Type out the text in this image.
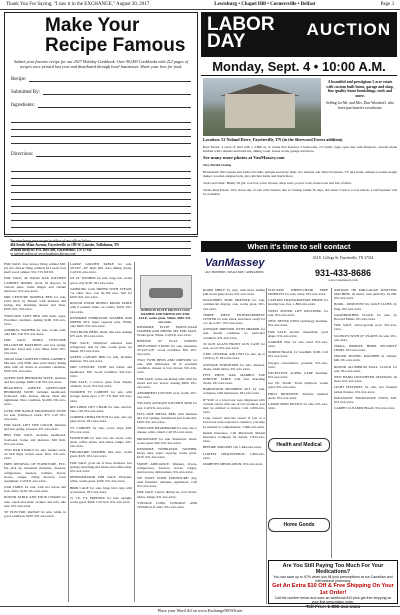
Thank You For Saying, "I saw it in the EXCHANGE," August 30, 2017	Lewisburg • Chapel Hill • Cornersville • Belfast	Page 3
Make Your
Recipe Famous
Submit your favorite recipe for our 2017 Holiday Cookbook. Over 90,000 Cookbooks with 212 pages of recipes were printed last year and distributed through local businesses. Share your love for food.
Recipe:
Submitted By:
Ingredients:
Directions:
You may bring your recipe to either of our offices below:
404 South Main Avenue, Fayetteville or 109 W. Lincoln, Tullahoma, TN
or mail them to: P.O. Box 490, Fayetteville, TN 37334
or submit online at www.boubarts.kprsss.com

FOR SALE, four drawer filing cabinet $30; (2) two drawer filing cabinets $15 each; four shelf wood cabinet. 931-733-XXXX

FOR SALE, 46 SOLID OAK KITCHEN CABINET DOORS, about 18 drawers, in various sizes. Some hinges and cabinet hardware. 931-xxx-xxxx.

MID CENTURY DOUBLE BED for sale, solid birch by Bassett with mattress and spring, also matching dresser and chest. $250. 931-759-xxxx.

TWIN-SIZE LOFT BED with desk, steps. Excellent condition. Asking $100. 931-xxx-xxxx.

ADMIRAL WASHER for sale, works well, only $40. Call 931-xxx-xxxx.

FOR SALE, SERTA TWIN-SIZE PILLOWTOP MATTRESS and box spring, like new. Used only a few times. $100. 931-xxx-xxxx.

SOLID OAK LIGHTED CHINA CABINET, like new, only $500. Also solid cherry dining table with six chairs in excellent condition, $550. 931-xxx-xxxx.

QUEEN-SIZE BEDROOM SUITE, mattress and box springs, $200. Call 931-xxx-xxxx.

BEAUTIFUL ASHLEY QUEEN-SIZE BEDROOM SUITE, includes headboard, footboard, rails, dresser, mirror, chest and nightstand. New condition. $1,000. 931-xxx-xxxx.

OVER THE RANGE MICROWAVE OVEN for sale, Whirlpool, black. $75. Call 931-xxx-xxxx.

FOR SALE, LIFT SIZE COUCH, mattress and box spring, loveseat. 931-xxx-xxxx.

BED FOR SALE, includes headboard, footboard, frame and mattress. $50 firm. 931-xxx-xxxx.

TWO BAR STOOLS for sale, leather seats, 24 inch high, swivel seats. Nice. 931-xxx-xxxx.

FREE RENOVAL OF FURNITURE, ETC. We pick up unwanted furniture, dressers, refrigerators, freezers, washers, dryers, stoves, ranges, riding mowers, lawn equipment. Call 931-xxx-xxxx.

OAK TABLE for sale, with two leaves and four chairs. $150. 931-xxx-xxxx.

ROUND TABLE AND FOUR CHAIRS for sale, couch and chair, recliner and sofa, like new. 931-xxx-xxxx.

36" ELECTRIC RANGE for sale, white, in good condition. $100. 931-xxx-xxxx.

LARGE GOLDEN TABLE for sale, 30"x50", 28" high, $65. Also dining chairs. Call 931-xxx-xxxx.

GE 24" WASHER for sale, large tub, works good, only $100. 931-xxx-xxxx.

SAMSUNG GAS DRYER WITH STEAM, 7.4 cubic feet, cost $1,100 new. Sell for $450. 931-xxx-xxxx.

ROUND WOOD DINING ROOM TABLE with 6 padded chairs on rollers. $100. 931-xxx-xxxx.

KENMORE WHIRLPOOL WASHER AND DRYER SET, super capacity plus. White, only $200. 931-xxx-xxxx.

TWO BUNK BEDS, metal, like new. Asking $75 each. 931-xxx-xxxx.

FOR SALE, Whirlpool stainless steel refrigerator, side by side, works great, ice maker. 931-xxx-xxxx.

QUEEN CANOPY BED for sale, includes mattress. 931-xxx-xxxx.

MID CENTURY TWIN bed frame and headboard. $50. Good condition. 931-xxx-xxxx.

FOR SALE, 2 narrow glass front display cabinets, wood. 931-xxx-xxxx.

WOODEN TV CABINET for sale, with storage, holds up to a 37" TV. $40. 931-xxx-xxxx.

RECLINER LIFT CHAIR for sale, electric, blue. Call 931-xxx-xxxx.

CORNER CHINA HUTCH for sale, oak, top glass doors. 931-xxx-xxxx.

TV CABINET for sale, wood, large. $50. 931-xxx-xxxx.

FURNITURE for sale: two bar stools, sofa, chair, coffee tables, end tables, lamps. 931-xxx-xxxx.

FRIGIDAIRE WASHER, like new, works great. $225. 931-xxx-xxxx.

FOR SALE, good set of tires, mattress, box springs, matching end tables and coffee table. 931-xxx-xxxx.

REFRIGERATOR FOR SALE, Hotpoint, white, works great. $100. 931-xxx-xxxx.

BIRD CAGE for sale, large bird cage with accessories. 931-xxx-xxxx.

21 CU. FT. FREEZER for sale, upright, works good. $200. Call Jack. 931-xxx-xxxx.

JOHNSON ELITE FRONT-LOAD WASHER AND DRYER SET FOR SALE, works great. White, $500. 931-xxx-xxxx.

KENMORE ELITE FRONT-LOAD WASHER AND DRYER SET FOR SALE, Works great. White. Call 931-xxx-xxxx.

HISENSE 32" FLAT SCREEN TELEVISION STAND for sale, measures 45"x22"x18". Good condition. $50. 931-xxx-xxxx.

TWO TWIN BEDS AND DRESSER for sale, with mattresses, all in excellent condition, dresser is four drawer. 931-xxx-xxxx.

FOR SALE, solid oak dining table with six chairs and two leaves. Asking $600. 931-xxx-xxxx.

ABSORBENT COTTON wrap cloths. 931-xxx-xxxx.

YELLOW ANTIQUE KITCHEN SINK for sale. Call 931-xxx-xxxx.

FULL-SIZE METAL BED, with mattress and box springs, headboard and footboard. $100. 931-xxx-xxxx.

TWIN-SIZE HEADBOARD for sale, also a dresser, white, small. Call 931-xxx-xxxx.

MICROWAVE for sale, Panasonic, black, works great. $40. 931-xxx-xxxx.

KENMORE WHIRLPOOL WASHER, heavy duty, super capacity, works great. $150. 931-xxx-xxxx.

SMITH APPLIANCE: Washers, dryers, refrigerators, freezers, stoves, ranges, microwaves, dishwashers. 931-xxx-xxxx.

WE WANT YOUR FURNITURE: Any used furniture, antiques, appliances. Call 931-xxx-xxxx.

FOR SALE, Cherry dining set, four chairs, tables, lamps. 931-xxx-xxxx.

VINTAGE LONG CONSOLE AND CEDAR hi-fi radio. 931-xxx-xxxx.

LABOR
DAY
AUCTION
Monday, Sept. 4 • 10:00 A.M.
A beautiful and prestigious 5 acre estate with custom built home, garage and shop, fine quality home furnishings, tools and more.
Selling for Mr. and Mrs. Don Woodruff, who have purchased a townhouse

Location: 52 Noland Drive, Fayetteville, TN (in the Sherwood Forest addition)

Real Estate: 4 acres of land with a 2,800 sq. ft. home that features 3 bedrooms, 2.5 baths, large open den with fireplace, custom made kitchen with cabinets and built-ins, dining room, bonus room, garage and more.

See many more photos at VanMassey.com

Very Partial Listing

Household: Nice queen size bedroom suite, antique secretary desk, two antique oak church benches, TV and stand, antique wooden dough maker, wooden antique beds, jars, kitchen items and much more.

Tools and other: Husky 30 gal. tool box, lawn mower, shop tools, power tools, hand tools and lots of misc.

Terms Real Estate: 10% down day of sale with balance due at closing within 30 days. All other: Cash or Good Check. Loud Speaker will be available.

When it's time to sell contact
VanMassey
AUCTIONEERS • REALTORS • APPRAISERS
104 E. College St, Fayetteville, TN 37334
931-433-8686
www.vanmassey.com

ROOM SHELF for sale, with three sliding pull-down glass doors. 931-xxx-xxxx.

DUCKSBIES SEMI DRESSER for sale, commercial display, oak, works great. 931-xxx-xxxx.

THREE PIECE ENTERTAINMENT CENTER for sale, black, structural, ready for a tv up to 60". 931-xxx-xxxx.

ANTIQUE DRESSER WITH MIRROR for sale, decent condition, no particular condition. 931-xxx-xxxx.

50 GUN GLASS FRONT GUN CASE for sale, wood. 931-xxx-xxxx.

6 DR, CENTRAL AIR UNIT for sale, up to 1,000 sq. ft. 931-xxx-xxxx.

ANTIQUE FURNITURE for sale, dressers, chairs, small tables. 931-xxx-xxxx.

FIVE PIECE OAK MARBLE TOP DINETTE TABLE with four matching chairs. 931-xxx-xxxx.

HARDWOOD BUNKBED SET for sale, complete, with mattresses. 931-xxx-xxxx.

IF YOU or a loved one were diagnosed with ovarian cancer after use of talc products, you may be entitled to money. Call 1-800-xxx-xxxx.

Long cancer? And the cause? If you or a loved one were exposed to asbestos, you may be entitled to compensation. 1-800-xxx-xxxx.

Dental Insurance. Call Physicians Mutual Insurance Company for details. 1-855-xxx-xxxx.

BEFORE SURGERY call 1-844-xxx-xxxx.

LOWEST CHOLESTEROL. 1-800-xxx-xxxx.

DIABETES MEDICATION. 931-xxx-xxxx.

ELECTRIC WHEELCHAIR FREE MOBILITY for sale, Jazzy. 931-xxx-xxxx.

CAPTION TRANSCRIPTION PHONE for hearing loss, free. 1-800-xxx-xxxx.

WEISS POWER LIFT RECLINER, for sale. 931-xxx-xxxx.

NEW, NEVER USED cardiology machine. 931-xxx-xxxx.

FOR SALE, electric wheelchair, good shape. 931-xxx-xxxx.

GARDEN tiller for sale, used. 931-xxx-xxxx.

NORDICTRACK C2 treadmill. $100. Call 931-xxx-xxxx.

Oxygen concentrator, portable. 931-xxx-xxxx.

EXCELLENT ALPHA CARE machine. 931-xxx-xxxx.

Get Fit. Nordic Track elliptical, works great. 931-xxx-xxxx.

FIRST RESPONSE: lifestyle medical alerts. 931-xxx-xxxx.

LARGE IRON KETTLE for sale. 931-xxx-xxxx.

ARTISAN 760 MID-GAUGE KNITTING MACHINE, all metal, runs perfectly. $1,200. 931-xxx-xxxx.

BOOK - REMOVED XL GOLF CLUBS, by Ping. 931-xxx-xxxx.

GRANDFATHER CLOCK for sale, by Howard Miller. 931-xxx-xxxx.

FOR SALE, above-ground pool. 931-xxx-xxxx.

SCONCES WITH 10" PLATES for sale. 931-xxx-xxxx.

SMALL BRONZE HOME SECURITY ITEMS. 931-xxx-xxxx.

SINGER SEWING MACHINE in cabinet. $40. 931-xxx-xxxx.

ROUND ALUMINUM WALL CLOCK for sale. 931-xxx-xxxx.

NEW HAND CROCHETED AFGHANS, all sizes. 931-xxx-xxxx.

LIGHT FIXTURES for sale, two brushed nickel fixtures. 931-xxx-xxxx.

PANASONIC MICROWAVE OVEN. $30. 931-xxx-xxxx.

CARPET CLEANER Bissell. 931-xxx-xxxx.

Health and Medical
Home Goods
Are You Still Paying Too Much For Your Medications?
You can save up to 97% when you fill your prescriptions at our Canadian and International pharmacy.
Get An Extra $10 Off & Free Shipping On Your 1st Order!
Call the number below and save an additional $10 plus get free shipping on your first prescription order.
Toll Free: 1-855-xxx-xxxx
Place your Word Ad on www.ExchangeNEWS.net
